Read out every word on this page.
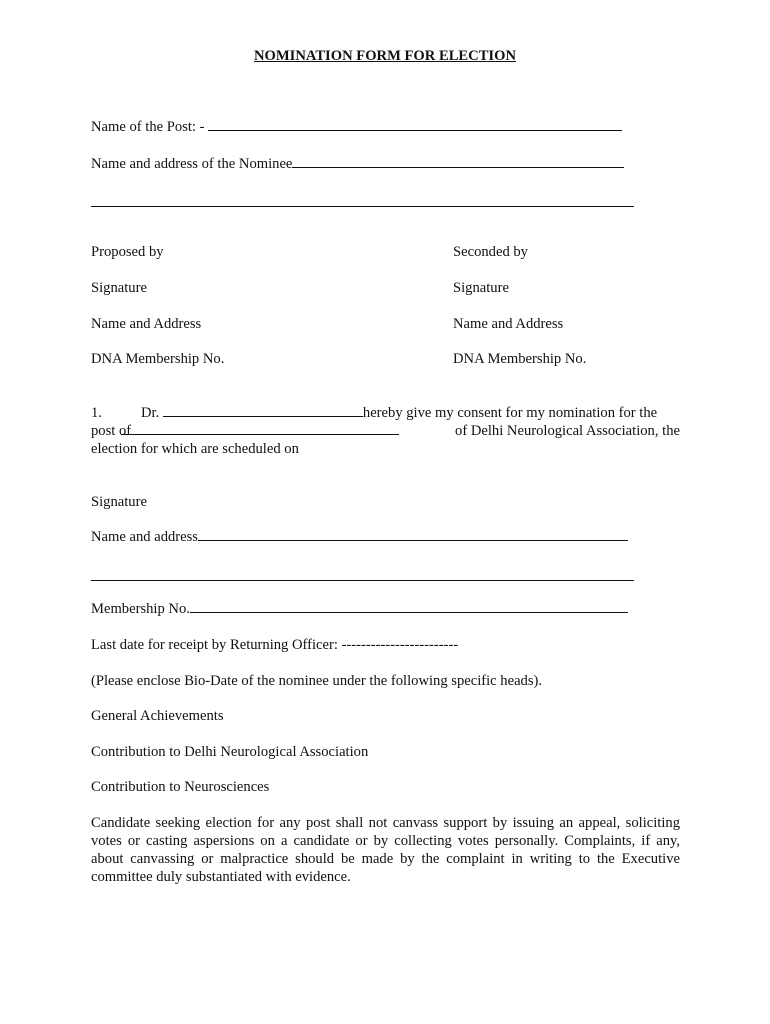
NOMINATION FORM FOR ELECTION
Name of the Post: -
Name and address of the Nominee
Proposed by	Seconded by
Signature	Signature
Name and Address	Name and Address
DNA Membership No.	DNA Membership No.
1.	Dr.	hereby give my consent for my nomination for the
post of	of Delhi Neurological Association, the
election for which are scheduled on
Signature
Name and address
Membership No.
Last date for receipt by Returning Officer: ------------------------
(Please enclose Bio-Date of the nominee under the following specific heads).
General Achievements
Contribution to Delhi Neurological Association
Contribution to Neurosciences
Candidate seeking election for any post shall not canvass support by issuing an appeal, soliciting votes or casting aspersions on a candidate or by collecting votes personally. Complaints, if any, about canvassing or malpractice should be made by the complaint in writing to the Executive committee duly substantiated with evidence.
